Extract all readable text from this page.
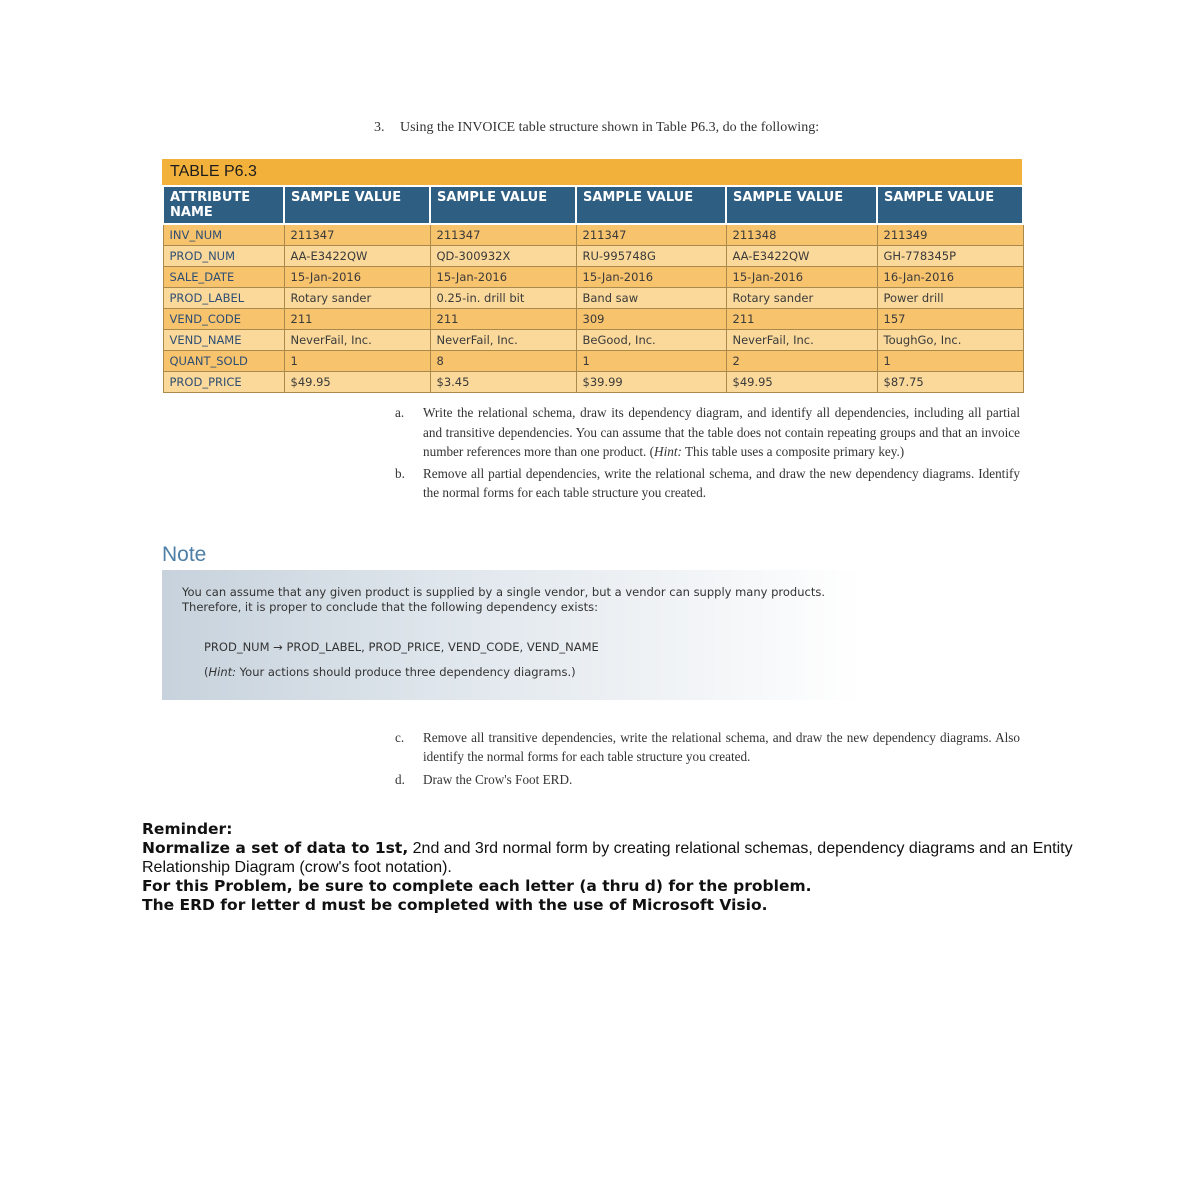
3. Using the INVOICE table structure shown in Table P6.3, do the following:
TABLE P6.3
ATTRIBUTE NAME	SAMPLE VALUE	SAMPLE VALUE	SAMPLE VALUE	SAMPLE VALUE	SAMPLE VALUE
INV_NUM	211347	211347	211347	211348	211349
PROD_NUM	AA-E3422QW	QD-300932X	RU-995748G	AA-E3422QW	GH-778345P
SALE_DATE	15-Jan-2016	15-Jan-2016	15-Jan-2016	15-Jan-2016	16-Jan-2016
PROD_LABEL	Rotary sander	0.25-in. drill bit	Band saw	Rotary sander	Power drill
VEND_CODE	211	211	309	211	157
VEND_NAME	NeverFail, Inc.	NeverFail, Inc.	BeGood, Inc.	NeverFail, Inc.	ToughGo, Inc.
QUANT_SOLD	1	8	1	2	1
PROD_PRICE	$49.95	$3.45	$39.99	$49.95	$87.75
a.	Write the relational schema, draw its dependency diagram, and identify all dependencies, including all partial and transitive dependencies. You can assume that the table does not contain repeating groups and that an invoice number references more than one product. (Hint: This table uses a composite primary key.)
b.	Remove all partial dependencies, write the relational schema, and draw the new dependency diagrams. Identify the normal forms for each table structure you created.
Note
You can assume that any given product is supplied by a single vendor, but a vendor can supply many products. Therefore, it is proper to conclude that the following dependency exists:
PROD_NUM → PROD_LABEL, PROD_PRICE, VEND_CODE, VEND_NAME
(Hint: Your actions should produce three dependency diagrams.)
c.	Remove all transitive dependencies, write the relational schema, and draw the new dependency diagrams. Also identify the normal forms for each table structure you created.
d.	Draw the Crow's Foot ERD.
Reminder:
Normalize a set of data to 1st, 2nd and 3rd normal form by creating relational schemas, dependency diagrams and an Entity Relationship Diagram (crow's foot notation).
For this Problem, be sure to complete each letter (a thru d) for the problem.
The ERD for letter d must be completed with the use of Microsoft Visio.
